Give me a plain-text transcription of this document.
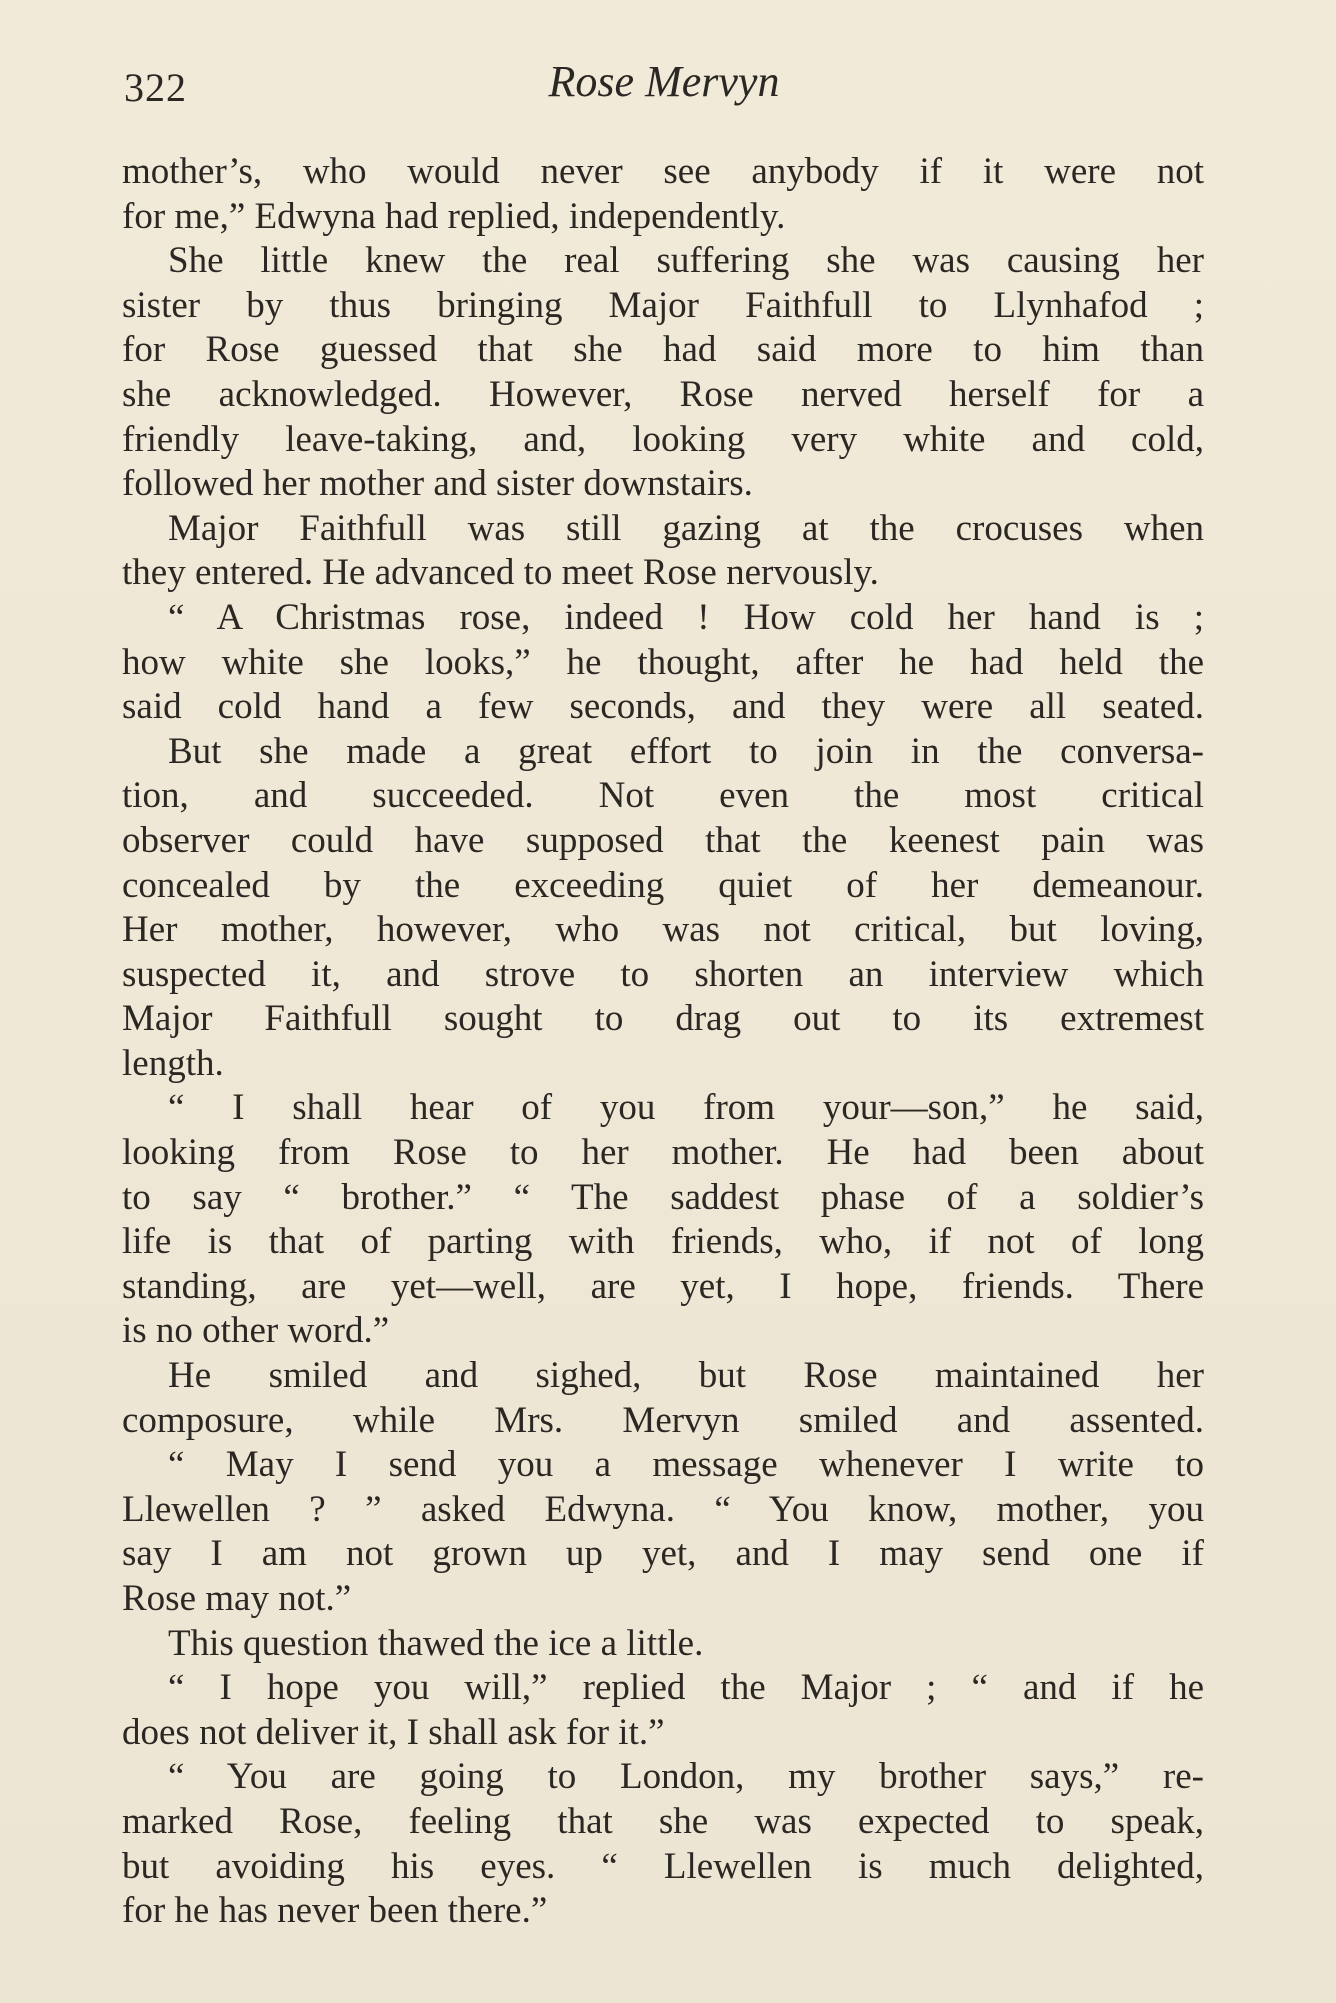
322	Rose Mervyn
mother’s, who would never see anybody if it were not
for me,” Edwyna had replied, independently.
She little knew the real suffering she was causing her
sister by thus bringing Major Faithfull to Llynhafod ;
for Rose guessed that she had said more to him than
she acknowledged. However, Rose nerved herself for a
friendly leave-taking, and, looking very white and cold,
followed her mother and sister downstairs.
Major Faithfull was still gazing at the crocuses when
they entered. He advanced to meet Rose nervously.
“ A Christmas rose, indeed ! How cold her hand is ;
how white she looks,” he thought, after he had held the
said cold hand a few seconds, and they were all seated.
But she made a great effort to join in the conversa-
tion, and succeeded. Not even the most critical
observer could have supposed that the keenest pain was
concealed by the exceeding quiet of her demeanour.
Her mother, however, who was not critical, but loving,
suspected it, and strove to shorten an interview which
Major Faithfull sought to drag out to its extremest
length.
“ I shall hear of you from your—son,” he said,
looking from Rose to her mother. He had been about
to say “ brother.” “ The saddest phase of a soldier’s
life is that of parting with friends, who, if not of long
standing, are yet—well, are yet, I hope, friends. There
is no other word.”
He smiled and sighed, but Rose maintained her
composure, while Mrs. Mervyn smiled and assented.
“ May I send you a message whenever I write to
Llewellen ? ” asked Edwyna. “ You know, mother, you
say I am not grown up yet, and I may send one if
Rose may not.”
This question thawed the ice a little.
“ I hope you will,” replied the Major ; “ and if he
does not deliver it, I shall ask for it.”
“ You are going to London, my brother says,” re-
marked Rose, feeling that she was expected to speak,
but avoiding his eyes. “ Llewellen is much delighted,
for he has never been there.”
